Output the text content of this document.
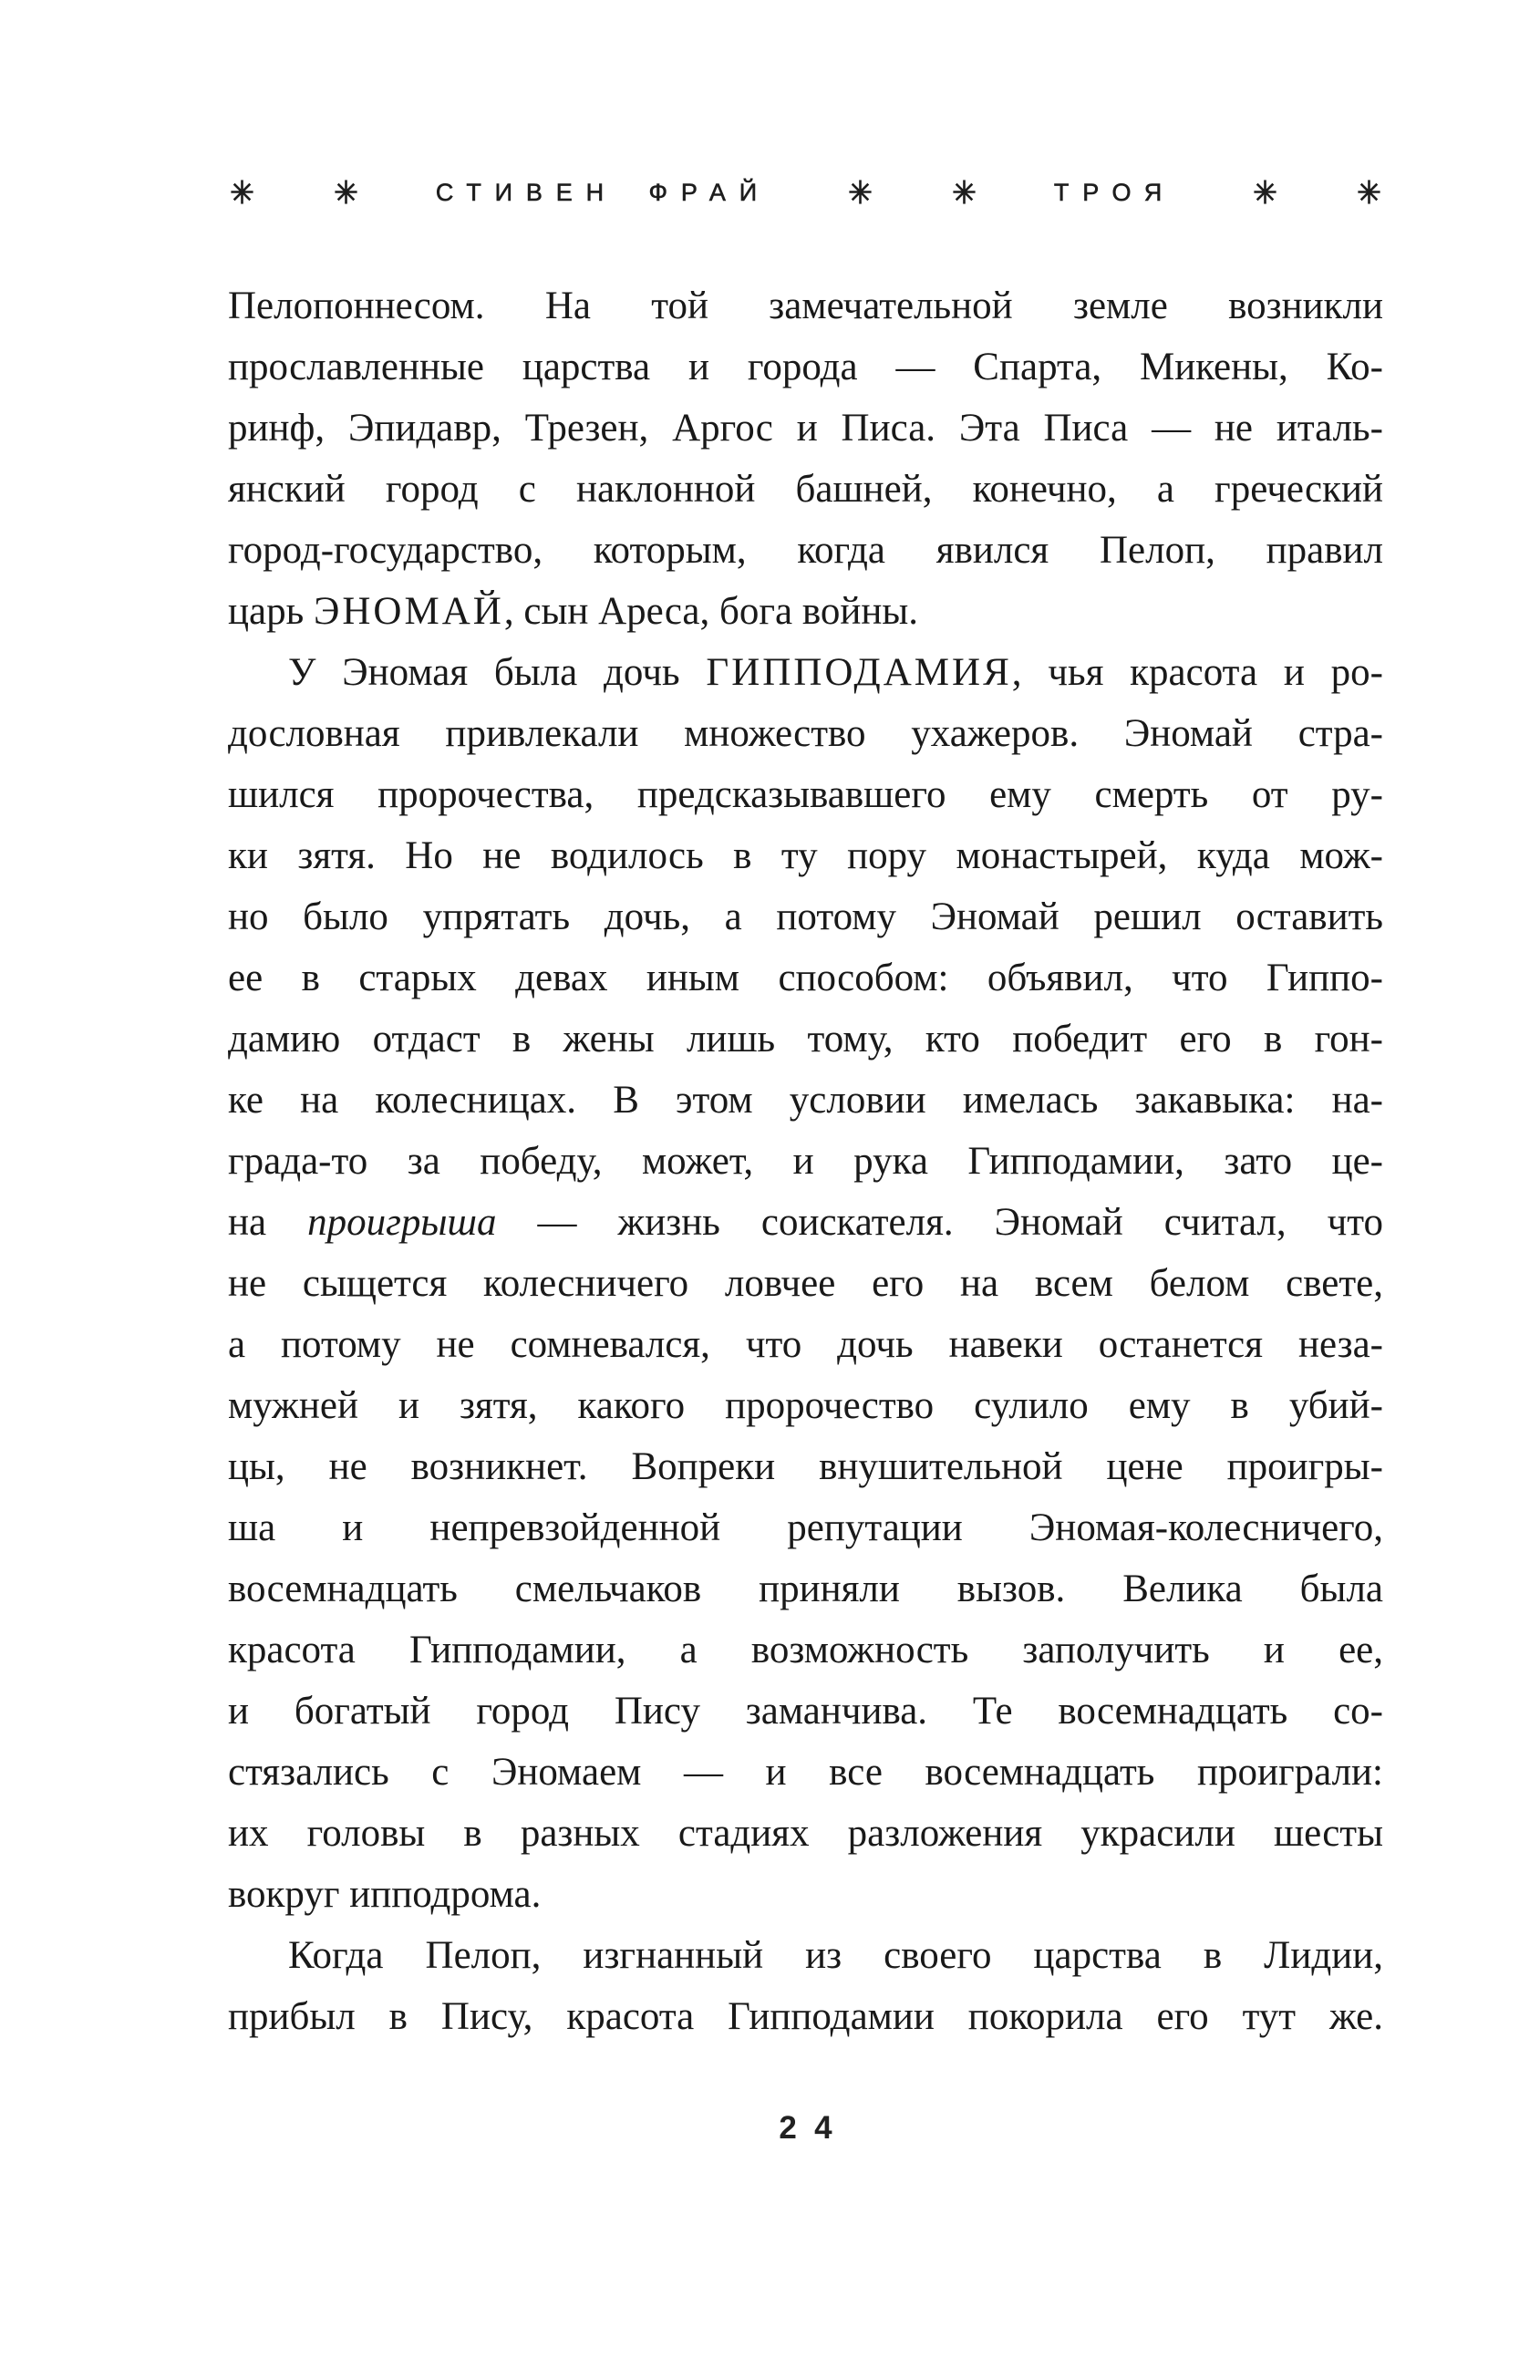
СТИВЕН ФРАЙ	ТРОЯ
Пелопоннесом. На той замечательной земле возникли
прославленные царства и города — Спарта, Микены, Ко-
ринф, Эпидавр, Трезен, Аргос и Писа. Эта Писа — не италь-
янский город с наклонной башней, конечно, а греческий
город-государство, которым, когда явился Пелоп, правил
царь ЭНОМАЙ, сын Ареса, бога войны.
У Эномая была дочь ГИППОДАМИЯ, чья красота и ро-
дословная привлекали множество ухажеров. Эномай стра-
шился пророчества, предсказывавшего ему смерть от ру-
ки зятя. Но не водилось в ту пору монастырей, куда мож-
но было упрятать дочь, а потому Эномай решил оставить
ее в старых девах иным способом: объявил, что Гиппо-
дамию отдаст в жены лишь тому, кто победит его в гон-
ке на колесницах. В этом условии имелась закавыка: на-
града-то за победу, может, и рука Гипподамии, зато це-
на проигрыша — жизнь соискателя. Эномай считал, что
не сыщется колесничего ловчее его на всем белом свете,
а потому не сомневался, что дочь навеки останется неза-
мужней и зятя, какого пророчество сулило ему в убий-
цы, не возникнет. Вопреки внушительной цене проигры-
ша и непревзойденной репутации Эномая-колесничего,
восемнадцать смельчаков приняли вызов. Велика была
красота Гипподамии, а возможность заполучить и ее,
и богатый город Пису заманчива. Те восемнадцать со-
стязались с Эномаем — и все восемнадцать проиграли:
их головы в разных стадиях разложения украсили шесты
вокруг ипподрома.
Когда Пелоп, изгнанный из своего царства в Лидии,
прибыл в Пису, красота Гипподамии покорила его тут же.
24
